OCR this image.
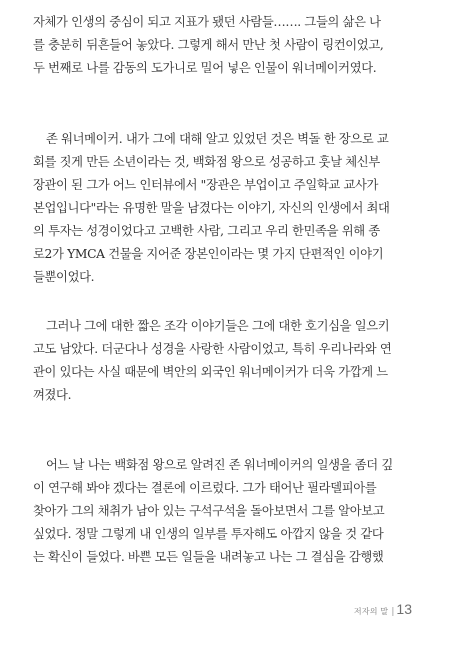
자체가 인생의 중심이 되고 지표가 됐던 사람들……. 그들의 삶은 나
를 충분히 뒤흔들어 놓았다. 그렇게 해서 만난 첫 사람이 링컨이었고,
두 번째로 나를 감동의 도가니로 밀어 넣은 인물이 워너메이커였다.
존 워너메이커. 내가 그에 대해 알고 있었던 것은 벽돌 한 장으로 교
회를 짓게 만든 소년이라는 것, 백화점 왕으로 성공하고 훗날 체신부
장관이 된 그가 어느 인터뷰에서 "장관은 부업이고 주일학교 교사가
본업입니다"라는 유명한 말을 남겼다는 이야기, 자신의 인생에서 최대
의 투자는 성경이었다고 고백한 사람, 그리고 우리 한민족을 위해 종
로2가 YMCA 건물을 지어준 장본인이라는 몇 가지 단편적인 이야기
들뿐이었다.
그러나 그에 대한 짧은 조각 이야기들은 그에 대한 호기심을 일으키
고도 남았다. 더군다나 성경을 사랑한 사람이었고, 특히 우리나라와 연
관이 있다는 사실 때문에 벽안의 외국인 워너메이커가 더욱 가깝게 느
껴졌다.
어느 날 나는 백화점 왕으로 알려진 존 워너메이커의 일생을 좀더 깊
이 연구해 봐야 겠다는 결론에 이르렀다. 그가 태어난 필라델피아를
찾아가 그의 채취가 남아 있는 구석구석을 돌아보면서 그를 알아보고
싶었다. 정말 그렇게 내 인생의 일부를 투자해도 아깝지 않을 것 같다
는 확신이 들었다. 바쁜 모든 일들을 내려놓고 나는 그 결심을 감행했
저자의 말 | 13
